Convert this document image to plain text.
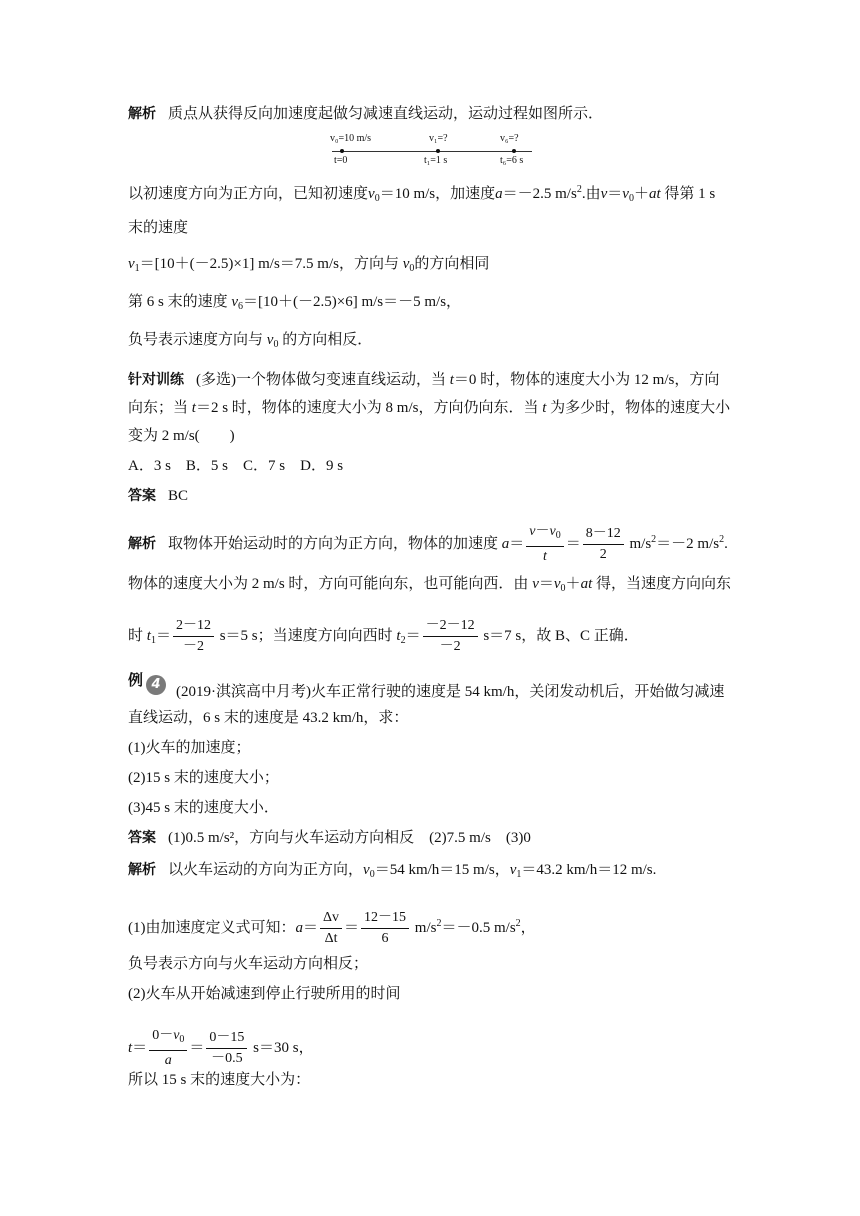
解析 质点从获得反向加速度起做匀减速直线运动，运动过程如图所示．
v₀=10 m/s	v₁=?	v₆=?
t=0	t₁=1 s	t₆=6 s
以初速度方向为正方向，已知初速度$v_0=10$ m/s，加速度a＝－2.5 $m/s^2$.由$v=v_0+at$ 得第 1 s
末的速度
$v_1=[10+(-2.5)\times 1]$ m/s＝7.5 m/s，方向与 $v_0$的方向相同
第 6 s 末的速度 $v_6=[10+(-2.5)\times 6]$ m/s＝－5 m/s，
负号表示速度方向与 $v_0$ 的方向相反．
针对训练 (多选)一个物体做匀变速直线运动，当 t＝0 时，物体的速度大小为 12 m/s，方向
向东；当 t＝2 s 时，物体的速度大小为 8 m/s，方向仍向东．当 t 为多少时，物体的速度大小
变为 2 m/s(　　)
A．3 s　B．5 s　C．7 s　D．9 s
答案 BC
解析 取物体开始运动时的方向为正方向，物体的加速度 $a= \frac{v-v_0}{t} = \frac{8-12}{2} m/s^2=-2$ $m/s^2$.
物体的速度大小为 2 m/s 时，方向可能向东，也可能向西．由 $v=v_0+at$ 得，当速度方向向东
时 $t_1= \frac{2-12}{-2} s=5$ s；当速度方向向西时 $t_2= \frac{-2-12}{-2} s=7$ s，故 B、C 正确．
例 4	(2019·淇滨高中月考)火车正常行驶的速度是 54 km/h，关闭发动机后，开始做匀减速
直线运动，6 s 末的速度是 43.2 km/h，求：
(1)火车的加速度；
(2)15 s 末的速度大小；
(3)45 s 末的速度大小．
答案 (1)0.5 m/s²，方向与火车运动方向相反　(2)7.5 m/s　(3)0
解析 以火车运动的方向为正方向，$v_0=54$ km/h＝15 m/s，$v_1=43.2$ km/h＝12 m/s.
(1)由加速度定义式可知：$a= \frac{\Delta v}{\Delta t} = \frac{12-15}{6} m/s^2=-0.5$ $m/s^2$，
负号表示方向与火车运动方向相反；
(2)火车从开始减速到停止行驶所用的时间
$t= \frac{0-v_0}{a} = \frac{0-15}{-0.5} s=30$ s，
所以 15 s 末的速度大小为：
